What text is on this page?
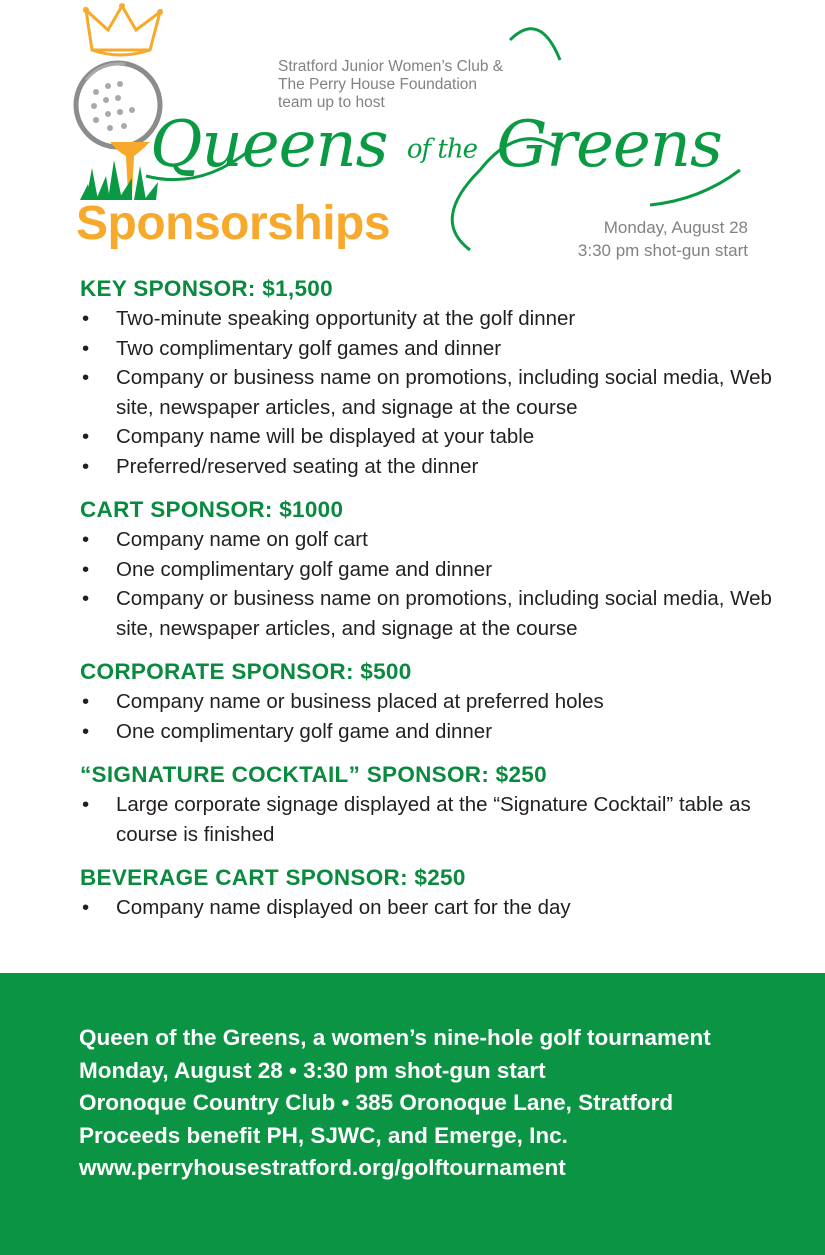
Stratford Junior Women’s Club &
The Perry House Foundation
team up to host
Queens of the Greens
Sponsorships	Monday, August 28
3:30 pm shot-gun start
KEY SPONSOR: $1,500
• Two-minute speaking opportunity at the golf dinner
• Two complimentary golf games and dinner
• Company or business name on promotions, including social media, Web site, newspaper articles, and signage at the course
• Company name will be displayed at your table
• Preferred/reserved seating at the dinner
CART SPONSOR: $1000
• Company name on golf cart
• One complimentary golf game and dinner
• Company or business name on promotions, including social media, Web site, newspaper articles, and signage at the course
CORPORATE SPONSOR: $500
• Company name or business placed at preferred holes
• One complimentary golf game and dinner
“SIGNATURE COCKTAIL” SPONSOR: $250
• Large corporate signage displayed at the “Signature Cocktail” table as course is finished
BEVERAGE CART SPONSOR: $250
• Company name displayed on beer cart for the day
Queen of the Greens, a women’s nine-hole golf tournament
Monday, August 28 • 3:30 pm shot-gun start
Oronoque Country Club • 385 Oronoque Lane, Stratford
Proceeds benefit PH, SJWC, and Emerge, Inc.
www.perryhousestratford.org/golftournament
